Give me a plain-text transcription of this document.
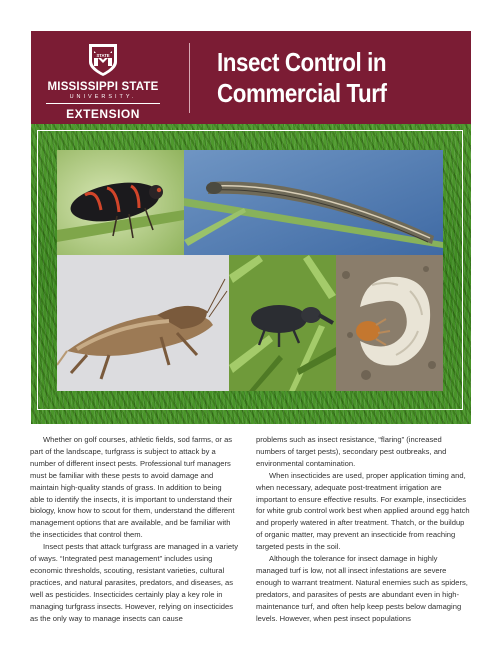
STATE
MISSISSIPPI STATE
UNIVERSITY.
EXTENSION
Insect Control in
Commercial Turf

Whether on golf courses, athletic fields, sod farms, or as part of the landscape, turfgrass is subject to attack by a number of different insect pests. Professional turf managers must be familiar with these pests to avoid damage and maintain high-quality stands of grass. In addition to being able to identify the insects, it is important to understand their biology, know how to scout for them, understand the different management options that are available, and be familiar with the insecticides that control them.

Insect pests that attack turfgrass are managed in a variety of ways. “Integrated pest management” includes using economic thresholds, scouting, resistant varieties, cultural practices, and natural parasites, predators, and diseases, as well as pesticides. Insecticides certainly play a key role in managing turfgrass insects. However, relying on insecticides as the only way to manage insects can cause

problems such as insect resistance, “flaring” (increased numbers of target pests), secondary pest outbreaks, and environmental contamination.

When insecticides are used, proper application timing and, when necessary, adequate post-treatment irrigation are important to ensure effective results. For example, insecticides for white grub control work best when applied around egg hatch and properly watered in after treatment. Thatch, or the buildup of organic matter, may prevent an insecticide from reaching targeted pests in the soil.

Although the tolerance for insect damage in highly managed turf is low, not all insect infestations are severe enough to warrant treatment. Natural enemies such as spiders, predators, and parasites of pests are abundant even in high-maintenance turf, and often help keep pests below damaging levels. However, when pest insect populations
